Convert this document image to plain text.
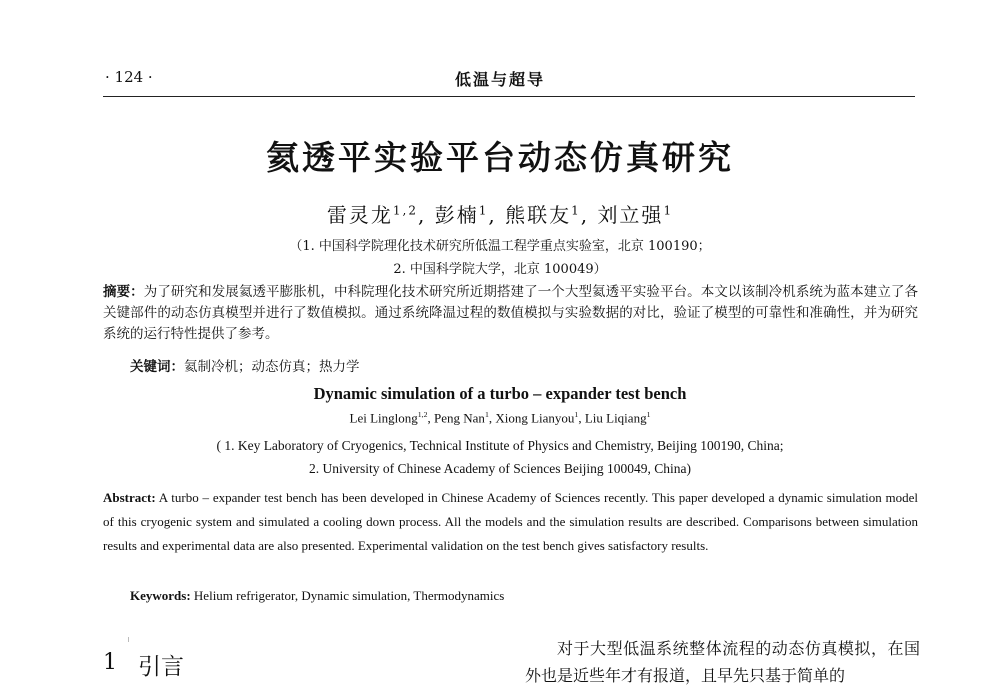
· 124 ·	低温与超导
氦透平实验平台动态仿真研究
雷灵龙$^{1,2}$, 彭楠$^1$, 熊联友$^1$, 刘立强$^1$
（1. 中国科学院理化技术研究所低温工程学重点实验室，北京 100190；
2. 中国科学院大学，北京 100049）
摘要：为了研究和发展氦透平膨胀机，中科院理化技术研究所近期搭建了一个大型氦透平实验平台。本文以该制冷机系统为蓝本建立了各关键部件的动态仿真模型并进行了数值模拟。通过系统降温过程的数值模拟与实验数据的对比，验证了模型的可靠性和准确性，并为研究系统的运行特性提供了参考。
关键词：氦制冷机；动态仿真；热力学
Dynamic simulation of a turbo – expander test bench
Lei Linglong$^{1,2}$, Peng Nan$^1$, Xiong Lianyou$^1$, Liu Liqiang$^1$
( 1. Key Laboratory of Cryogenics, Technical Institute of Physics and Chemistry, Beijing 100190, China;
2. University of Chinese Academy of Sciences Beijing 100049, China)
Abstract: A turbo – expander test bench has been developed in Chinese Academy of Sciences recently. This paper developed a dynamic simulation model of this cryogenic system and simulated a cooling down process. All the models and the simulation results are described. Comparisons between simulation results and experimental data are also presented. Experimental validation on the test bench gives satisfactory results.
Keywords: Helium refrigerator, Dynamic simulation, Thermodynamics
1 引言
对于大型低温系统整体流程的动态仿真模拟，在国外也是近些年才有报道，且早先只基于简单的
